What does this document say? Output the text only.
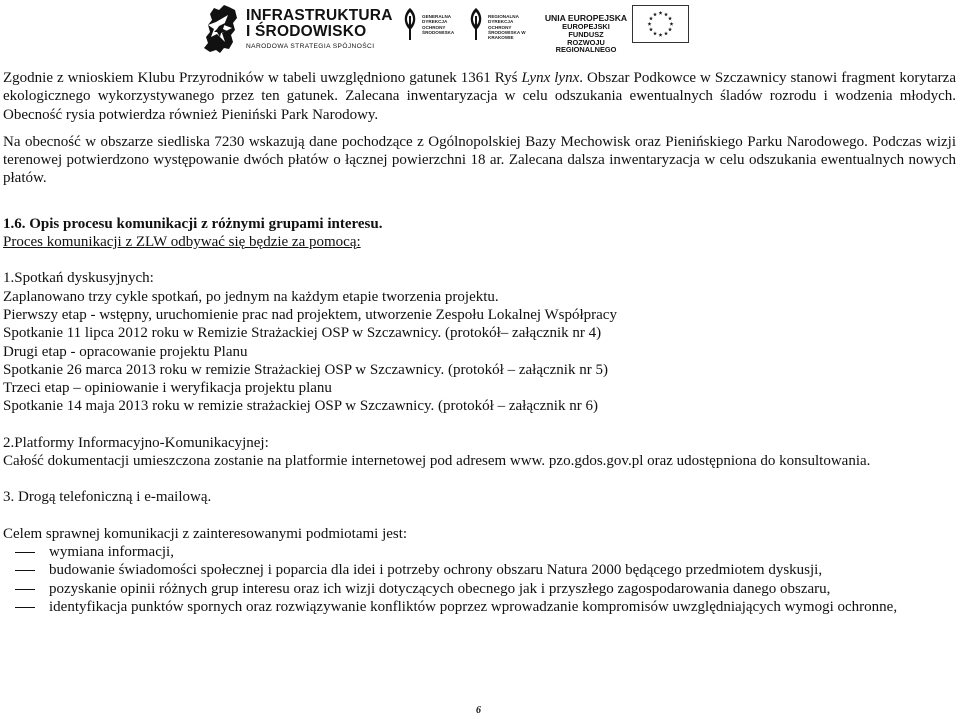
INFRASTRUKTURA
I ŚRODOWISKO
NARODOWA STRATEGIA SPÓJNOŚCI
GENERALNA DYREKCJA OCHRONY ŚRODOWISKA
REGIONALNA DYREKCJA OCHRONY ŚRODOWISKA W KRAKOWIE
UNIA EUROPEJSKA
EUROPEJSKI FUNDUSZ
ROZWOJU REGIONALNEGO

Zgodnie z wnioskiem Klubu Przyrodników w tabeli uwzględniono gatunek 1361 Ryś Lynx lynx. Obszar Podkowce w Szczawnicy stanowi fragment korytarza ekologicznego wykorzystywanego przez ten gatunek. Zalecana inwentaryzacja w celu odszukania ewentualnych śladów rozrodu i wodzenia młodych. Obecność rysia potwierdza również Pieniński Park Narodowy.

Na obecność w obszarze siedliska 7230 wskazują dane pochodzące z Ogólnopolskiej Bazy Mechowisk oraz Pienińskiego Parku Narodowego. Podczas wizji terenowej potwierdzono występowanie dwóch płatów o łącznej powierzchni 18 ar. Zalecana dalsza inwentaryzacja w celu odszukania ewentualnych nowych płatów.

1.6. Opis procesu komunikacji z różnymi grupami interesu.

Proces komunikacji z ZLW odbywać się będzie za pomocą:

1.Spotkań dyskusyjnych:

Zaplanowano trzy cykle spotkań, po jednym na każdym etapie tworzenia projektu.

Pierwszy etap - wstępny, uruchomienie prac nad projektem, utworzenie Zespołu Lokalnej Współpracy

Spotkanie 11 lipca 2012 roku w Remizie Strażackiej OSP w Szczawnicy. (protokół– załącznik nr 4)

Drugi etap - opracowanie projektu Planu

Spotkanie 26 marca 2013 roku w remizie Strażackiej OSP w Szczawnicy. (protokół – załącznik nr 5)

Trzeci etap – opiniowanie i weryfikacja projektu planu

Spotkanie 14 maja 2013 roku w remizie strażackiej OSP w Szczawnicy. (protokół – załącznik nr 6)

2.Platformy Informacyjno-Komunikacyjnej:

Całość dokumentacji umieszczona zostanie na platformie internetowej pod adresem www. pzo.gdos.gov.pl oraz udostępniona do konsultowania.

3. Drogą telefoniczną i e-mailową.

Celem sprawnej komunikacji z zainteresowanymi podmiotami jest:

wymiana informacji,
budowanie świadomości społecznej i poparcia dla idei i potrzeby ochrony obszaru Natura 2000 będącego przedmiotem dyskusji,
pozyskanie opinii różnych grup interesu oraz ich wizji dotyczących obecnego jak i przyszłego zagospodarowania danego obszaru,
identyfikacja punktów spornych oraz rozwiązywanie konfliktów poprzez wprowadzanie kompromisów uwzględniających wymogi ochronne,
6
